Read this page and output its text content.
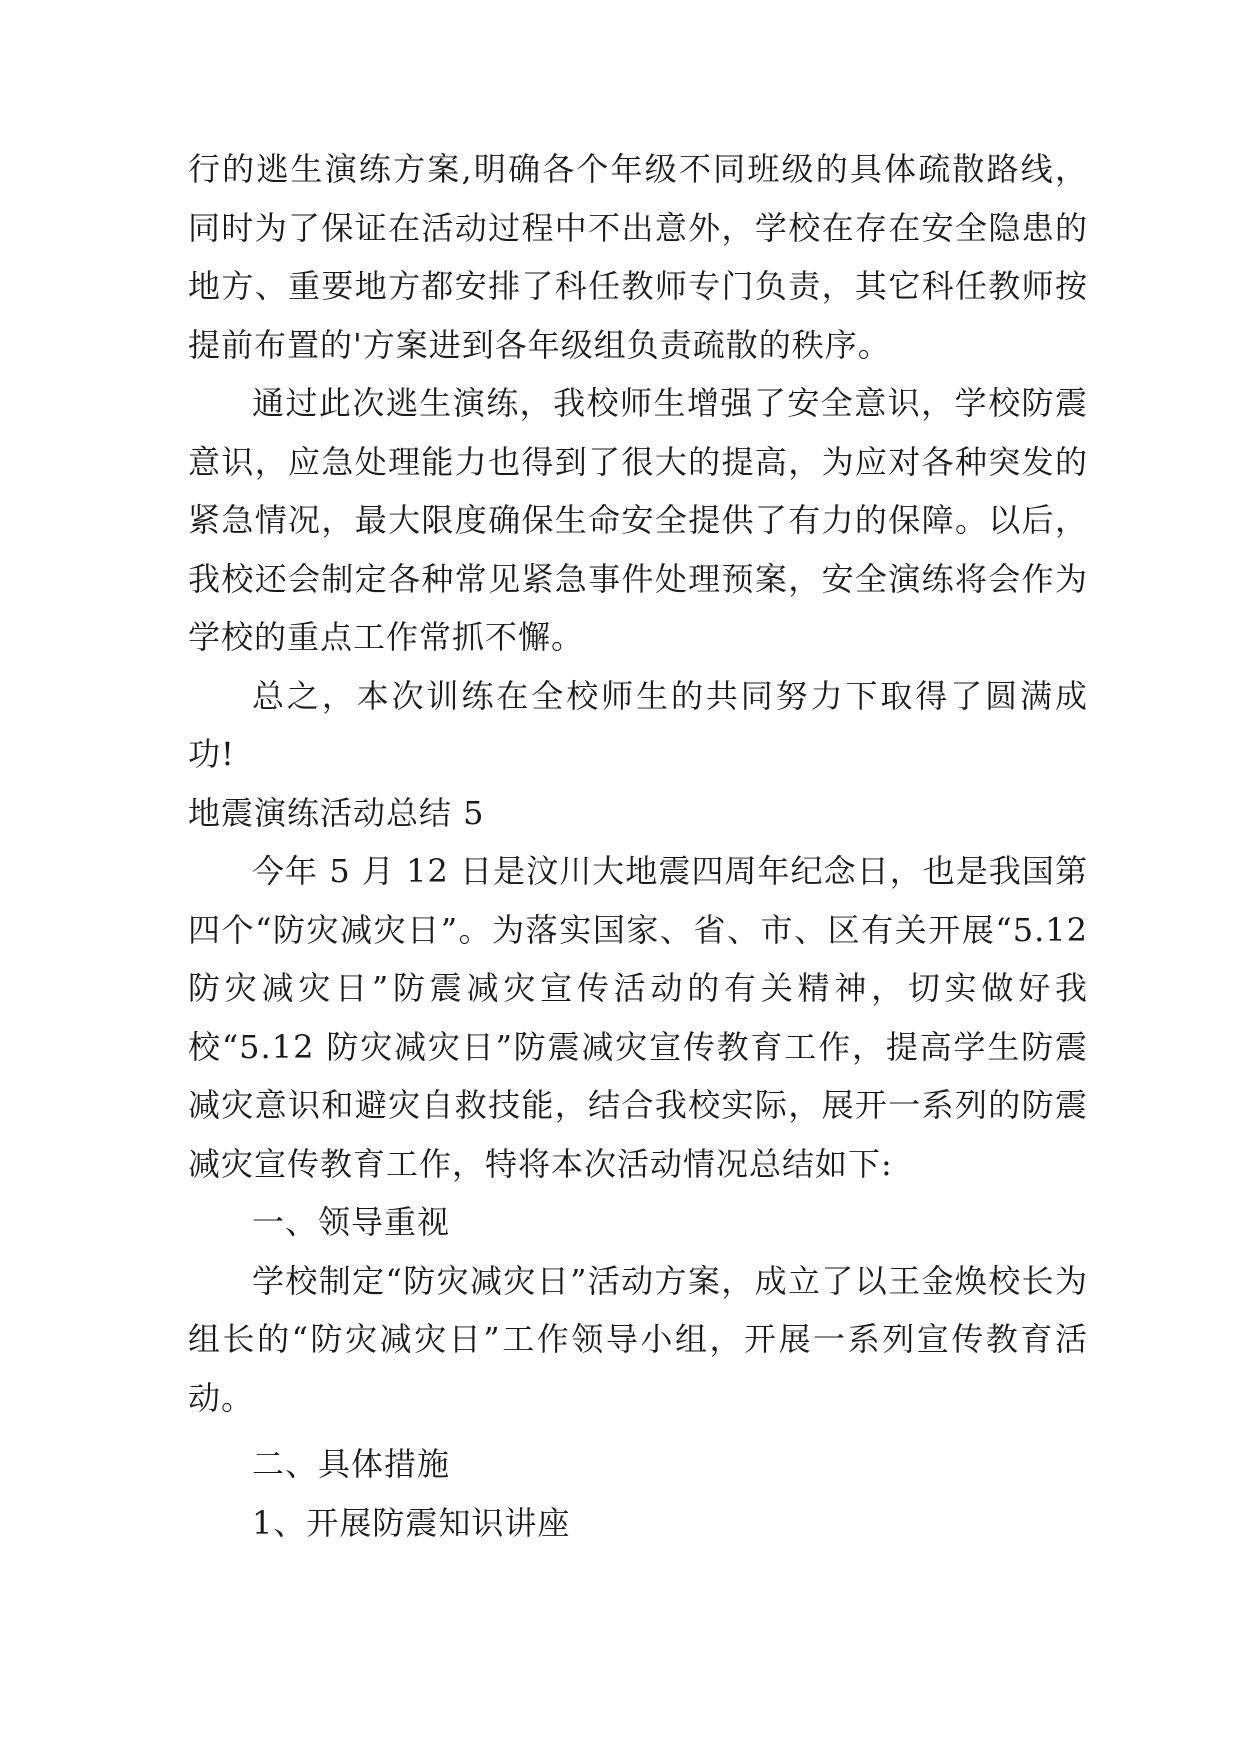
行的逃生演练方案,明确各个年级不同班级的具体疏散路线，同时为了保证在活动过程中不出意外，学校在存在安全隐患的地方、重要地方都安排了科任教师专门负责，其它科任教师按提前布置的'方案进到各年级组负责疏散的秩序。

通过此次逃生演练，我校师生增强了安全意识，学校防震意识，应急处理能力也得到了很大的提高，为应对各种突发的紧急情况，最大限度确保生命安全提供了有力的保障。以后，我校还会制定各种常见紧急事件处理预案，安全演练将会作为学校的重点工作常抓不懈。

总之，本次训练在全校师生的共同努力下取得了圆满成功!

地震演练活动总结 5

今年 5 月 12 日是汶川大地震四周年纪念日，也是我国第四个“防灾减灾日”。为落实国家、省、市、区有关开展“5.12 防灾减灾日”防震减灾宣传活动的有关精神，切实做好我校“5.12 防灾减灾日”防震减灾宣传教育工作，提高学生防震减灾意识和避灾自救技能，结合我校实际，展开一系列的防震减灾宣传教育工作，特将本次活动情况总结如下:

一、领导重视

学校制定“防灾减灾日”活动方案，成立了以王金焕校长为组长的“防灾减灾日”工作领导小组，开展一系列宣传教育活动。

二、具体措施

1、开展防震知识讲座
